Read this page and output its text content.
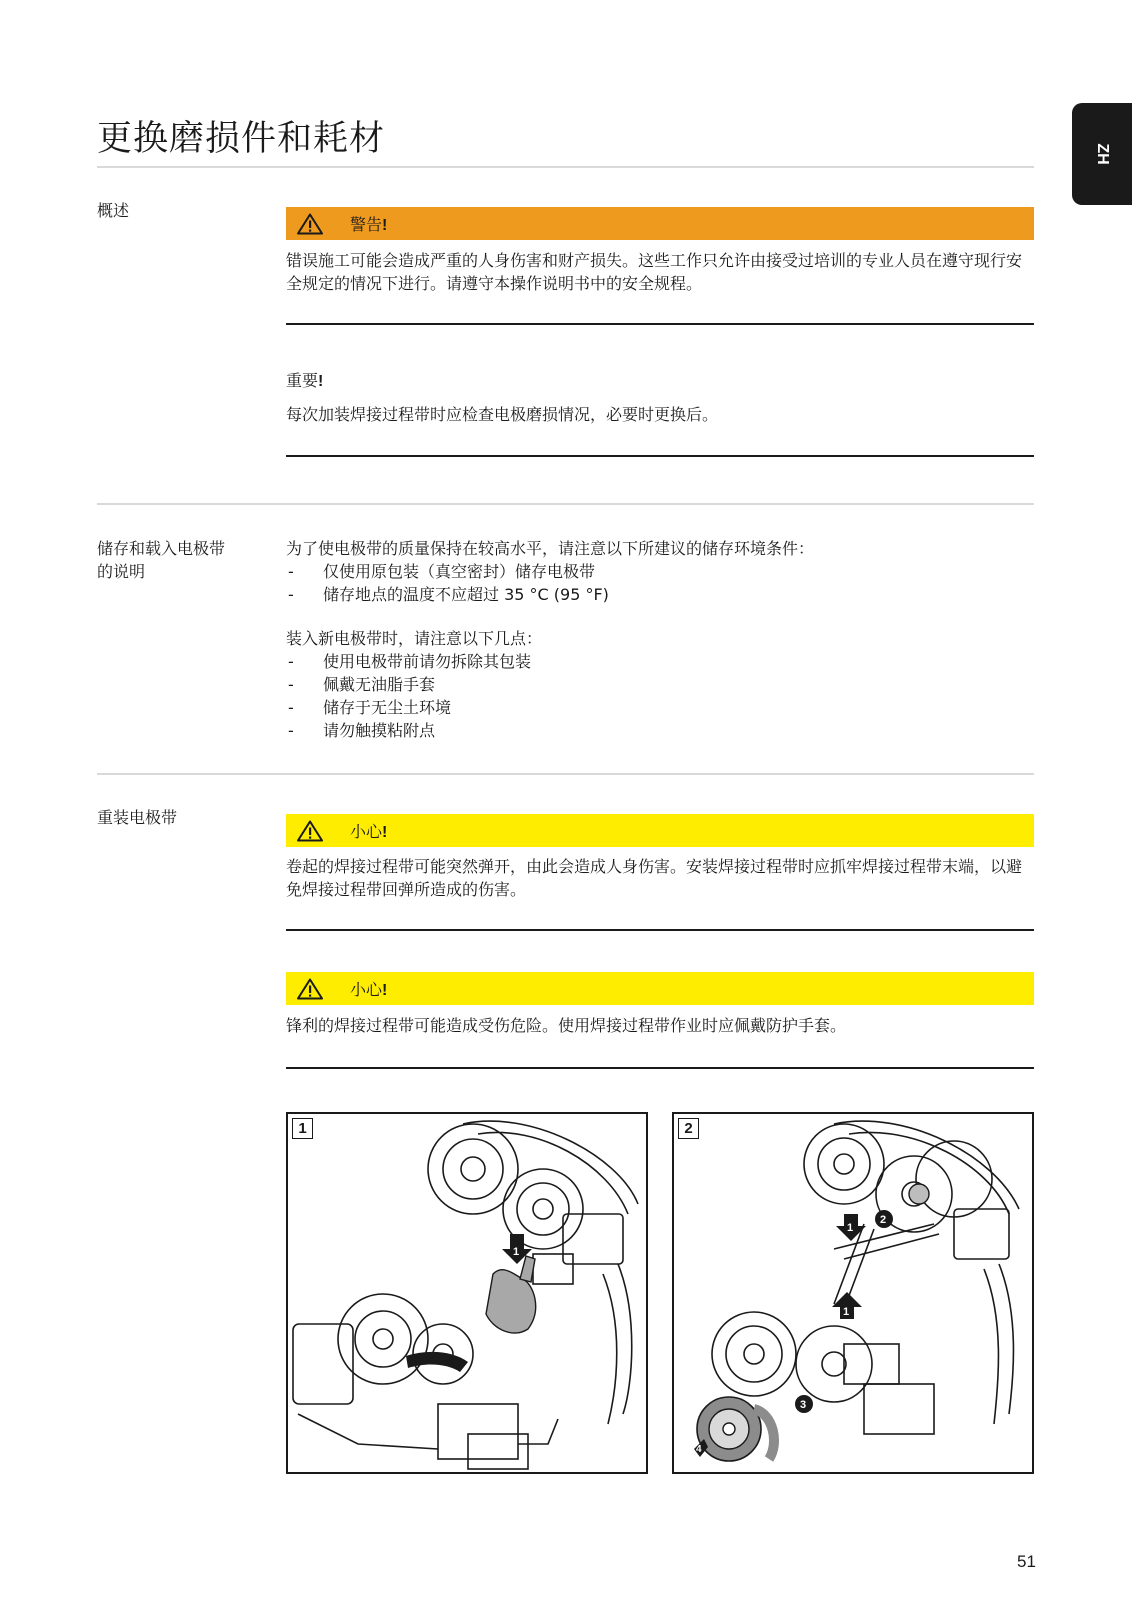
更换磨损件和耗材	ZH
概述
警告!
错误施工可能会造成严重的人身伤害和财产损失。这些工作只允许由接受过培训的专业人员在遵守现行安全规定的情况下进行。请遵守本操作说明书中的安全规程。
重要!
每次加装焊接过程带时应检查电极磨损情况，必要时更换后。
储存和载入电极带
的说明
为了使电极带的质量保持在较高水平，请注意以下所建议的储存环境条件：
- 仅使用原包装（真空密封）储存电极带
- 储存地点的温度不应超过 35 °C (95 °F)
装入新电极带时，请注意以下几点：
- 使用电极带前请勿拆除其包装
- 佩戴无油脂手套
- 储存于无尘土环境
- 请勿触摸粘附点
重装电极带
小心!
卷起的焊接过程带可能突然弹开，由此会造成人身伤害。安装焊接过程带时应抓牢焊接过程带末端，以避免焊接过程带回弹所造成的伤害。
小心!
锋利的焊接过程带可能造成受伤危险。使用焊接过程带作业时应佩戴防护手套。
1
2
1
2
1
2
1
3
4
51
